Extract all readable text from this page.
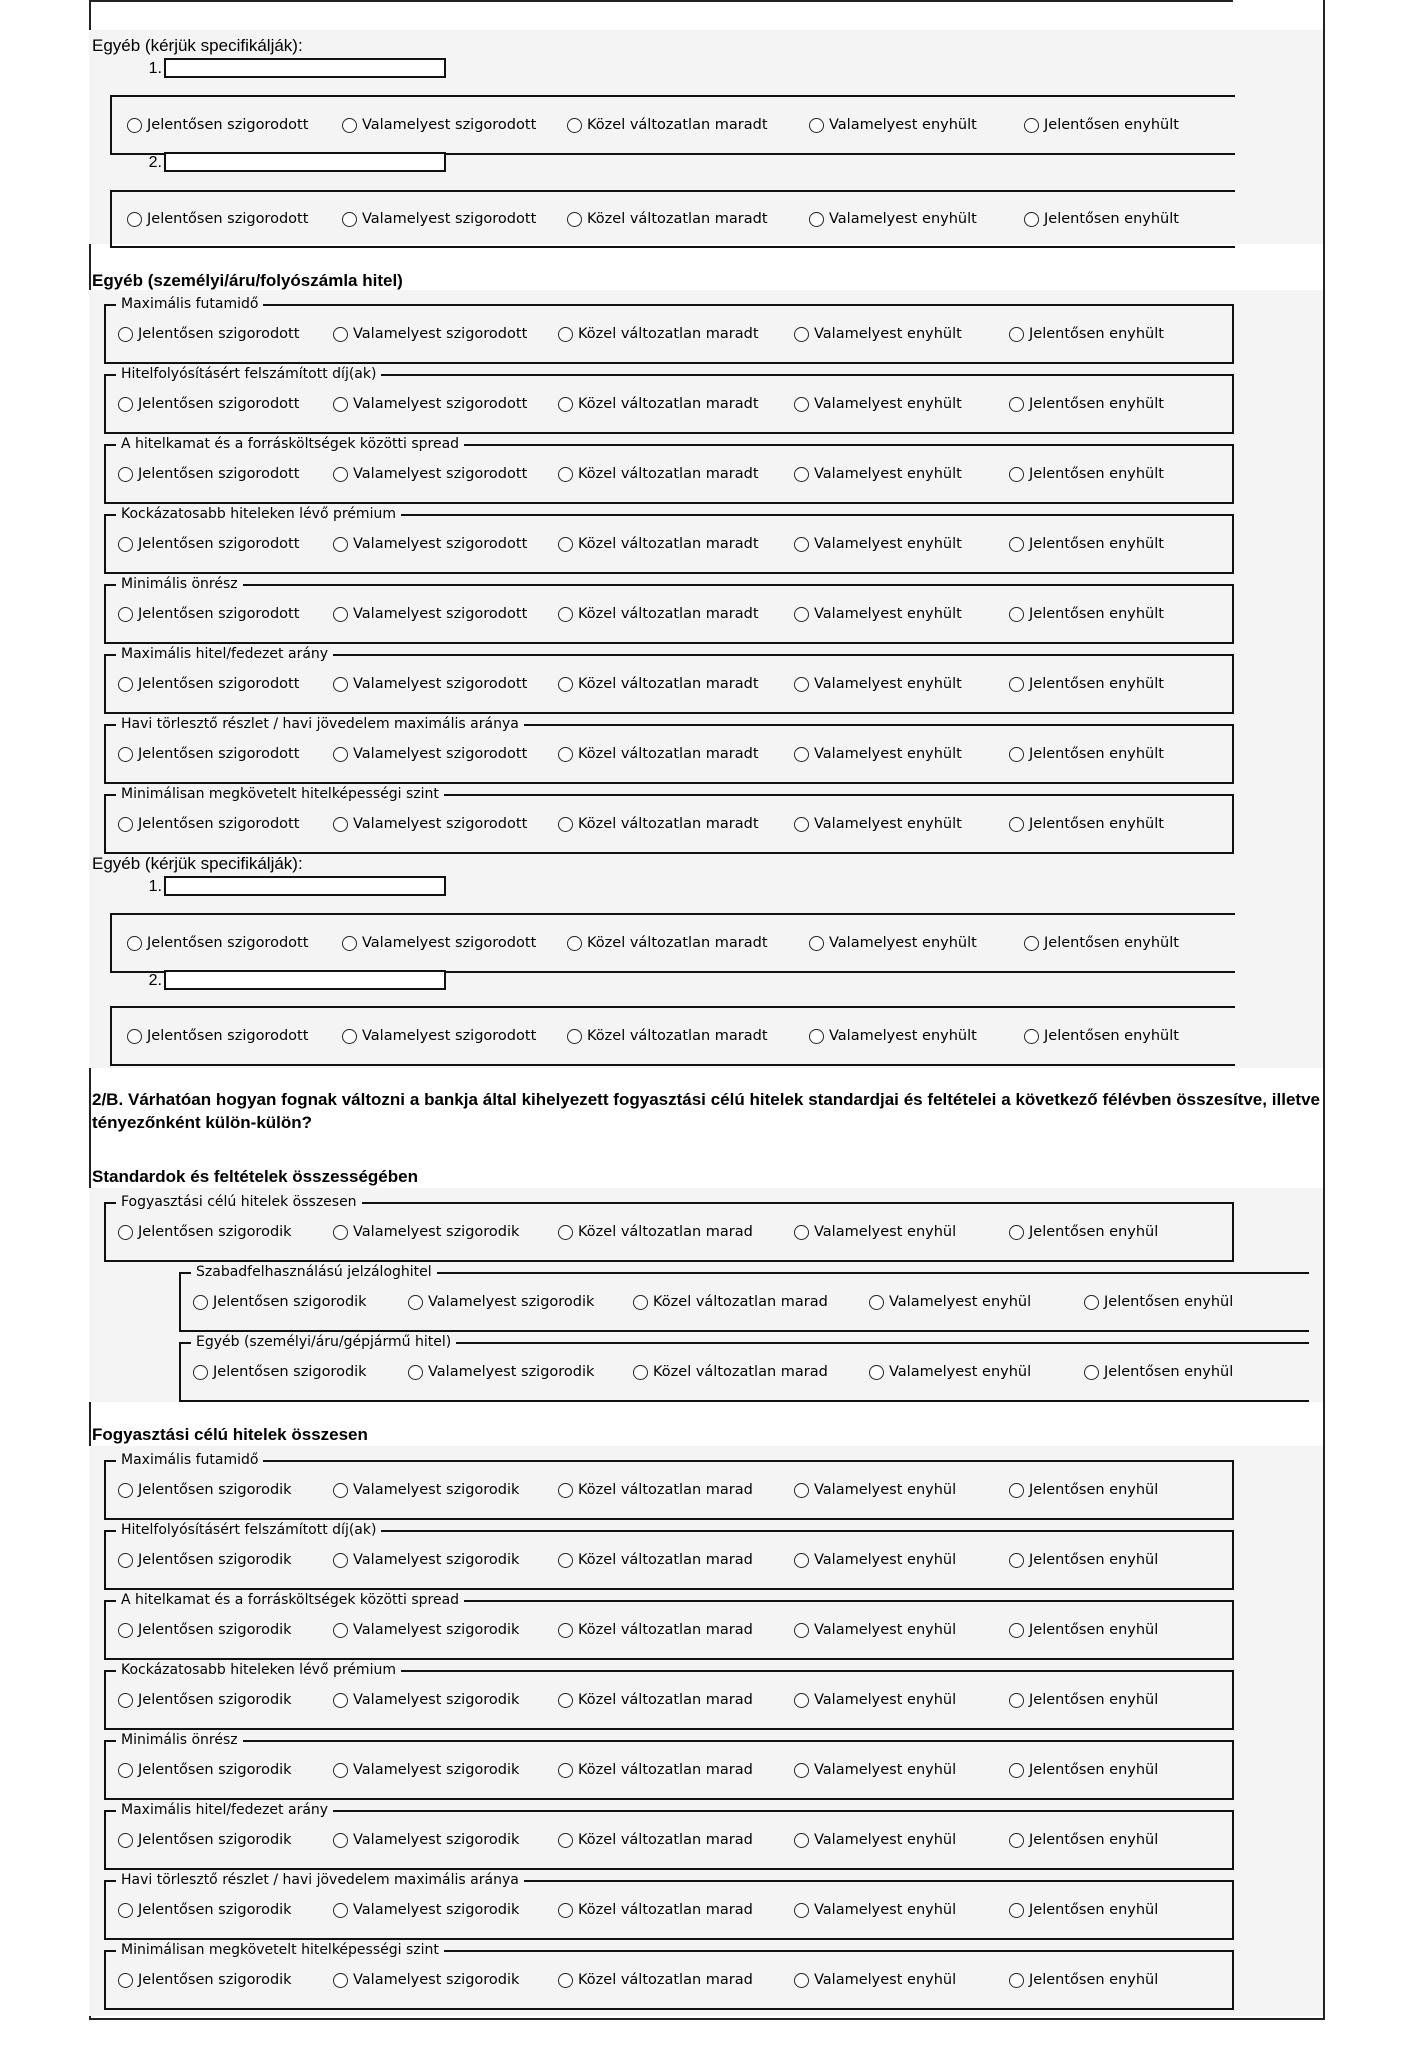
Egyéb (kérjük specifikálják):
1.
Jelentősen szigorodott	Valamelyest szigorodott	Közel változatlan maradt	Valamelyest enyhült	Jelentősen enyhült
2.
Jelentősen szigorodott	Valamelyest szigorodott	Közel változatlan maradt	Valamelyest enyhült	Jelentősen enyhült
Egyéb (személyi/áru/folyószámla hitel)
Maximális futamidő
Jelentősen szigorodott	Valamelyest szigorodott	Közel változatlan maradt	Valamelyest enyhült	Jelentősen enyhült
Hitelfolyósításért felszámított díj(ak)
Jelentősen szigorodott	Valamelyest szigorodott	Közel változatlan maradt	Valamelyest enyhült	Jelentősen enyhült
A hitelkamat és a forrásköltségek közötti spread
Jelentősen szigorodott	Valamelyest szigorodott	Közel változatlan maradt	Valamelyest enyhült	Jelentősen enyhült
Kockázatosabb hiteleken lévő prémium
Jelentősen szigorodott	Valamelyest szigorodott	Közel változatlan maradt	Valamelyest enyhült	Jelentősen enyhült
Minimális önrész
Jelentősen szigorodott	Valamelyest szigorodott	Közel változatlan maradt	Valamelyest enyhült	Jelentősen enyhült
Maximális hitel/fedezet arány
Jelentősen szigorodott	Valamelyest szigorodott	Közel változatlan maradt	Valamelyest enyhült	Jelentősen enyhült
Havi törlesztő részlet / havi jövedelem maximális aránya
Jelentősen szigorodott	Valamelyest szigorodott	Közel változatlan maradt	Valamelyest enyhült	Jelentősen enyhült
Minimálisan megkövetelt hitelképességi szint
Jelentősen szigorodott	Valamelyest szigorodott	Közel változatlan maradt	Valamelyest enyhült	Jelentősen enyhült
Egyéb (kérjük specifikálják):
1.
Jelentősen szigorodott	Valamelyest szigorodott	Közel változatlan maradt	Valamelyest enyhült	Jelentősen enyhült
2.
Jelentősen szigorodott	Valamelyest szigorodott	Közel változatlan maradt	Valamelyest enyhült	Jelentősen enyhült
2/B. Várhatóan hogyan fognak változni a bankja által kihelyezett fogyasztási célú hitelek standardjai és feltételei a következő félévben összesítve, illetve tényezőnként külön-külön?
Standardok és feltételek összességében
Fogyasztási célú hitelek összesen
Jelentősen szigorodik	Valamelyest szigorodik	Közel változatlan marad	Valamelyest enyhül	Jelentősen enyhül
Szabadfelhasználású jelzáloghitel
Jelentősen szigorodik	Valamelyest szigorodik	Közel változatlan marad	Valamelyest enyhül	Jelentősen enyhül
Egyéb (személyi/áru/gépjármű hitel)
Jelentősen szigorodik	Valamelyest szigorodik	Közel változatlan marad	Valamelyest enyhül	Jelentősen enyhül
Fogyasztási célú hitelek összesen
Maximális futamidő
Jelentősen szigorodik	Valamelyest szigorodik	Közel változatlan marad	Valamelyest enyhül	Jelentősen enyhül
Hitelfolyósításért felszámított díj(ak)
Jelentősen szigorodik	Valamelyest szigorodik	Közel változatlan marad	Valamelyest enyhül	Jelentősen enyhül
A hitelkamat és a forrásköltségek közötti spread
Jelentősen szigorodik	Valamelyest szigorodik	Közel változatlan marad	Valamelyest enyhül	Jelentősen enyhül
Kockázatosabb hiteleken lévő prémium
Jelentősen szigorodik	Valamelyest szigorodik	Közel változatlan marad	Valamelyest enyhül	Jelentősen enyhül
Minimális önrész
Jelentősen szigorodik	Valamelyest szigorodik	Közel változatlan marad	Valamelyest enyhül	Jelentősen enyhül
Maximális hitel/fedezet arány
Jelentősen szigorodik	Valamelyest szigorodik	Közel változatlan marad	Valamelyest enyhül	Jelentősen enyhül
Havi törlesztő részlet / havi jövedelem maximális aránya
Jelentősen szigorodik	Valamelyest szigorodik	Közel változatlan marad	Valamelyest enyhül	Jelentősen enyhül
Minimálisan megkövetelt hitelképességi szint
Jelentősen szigorodik	Valamelyest szigorodik	Közel változatlan marad	Valamelyest enyhül	Jelentősen enyhül
